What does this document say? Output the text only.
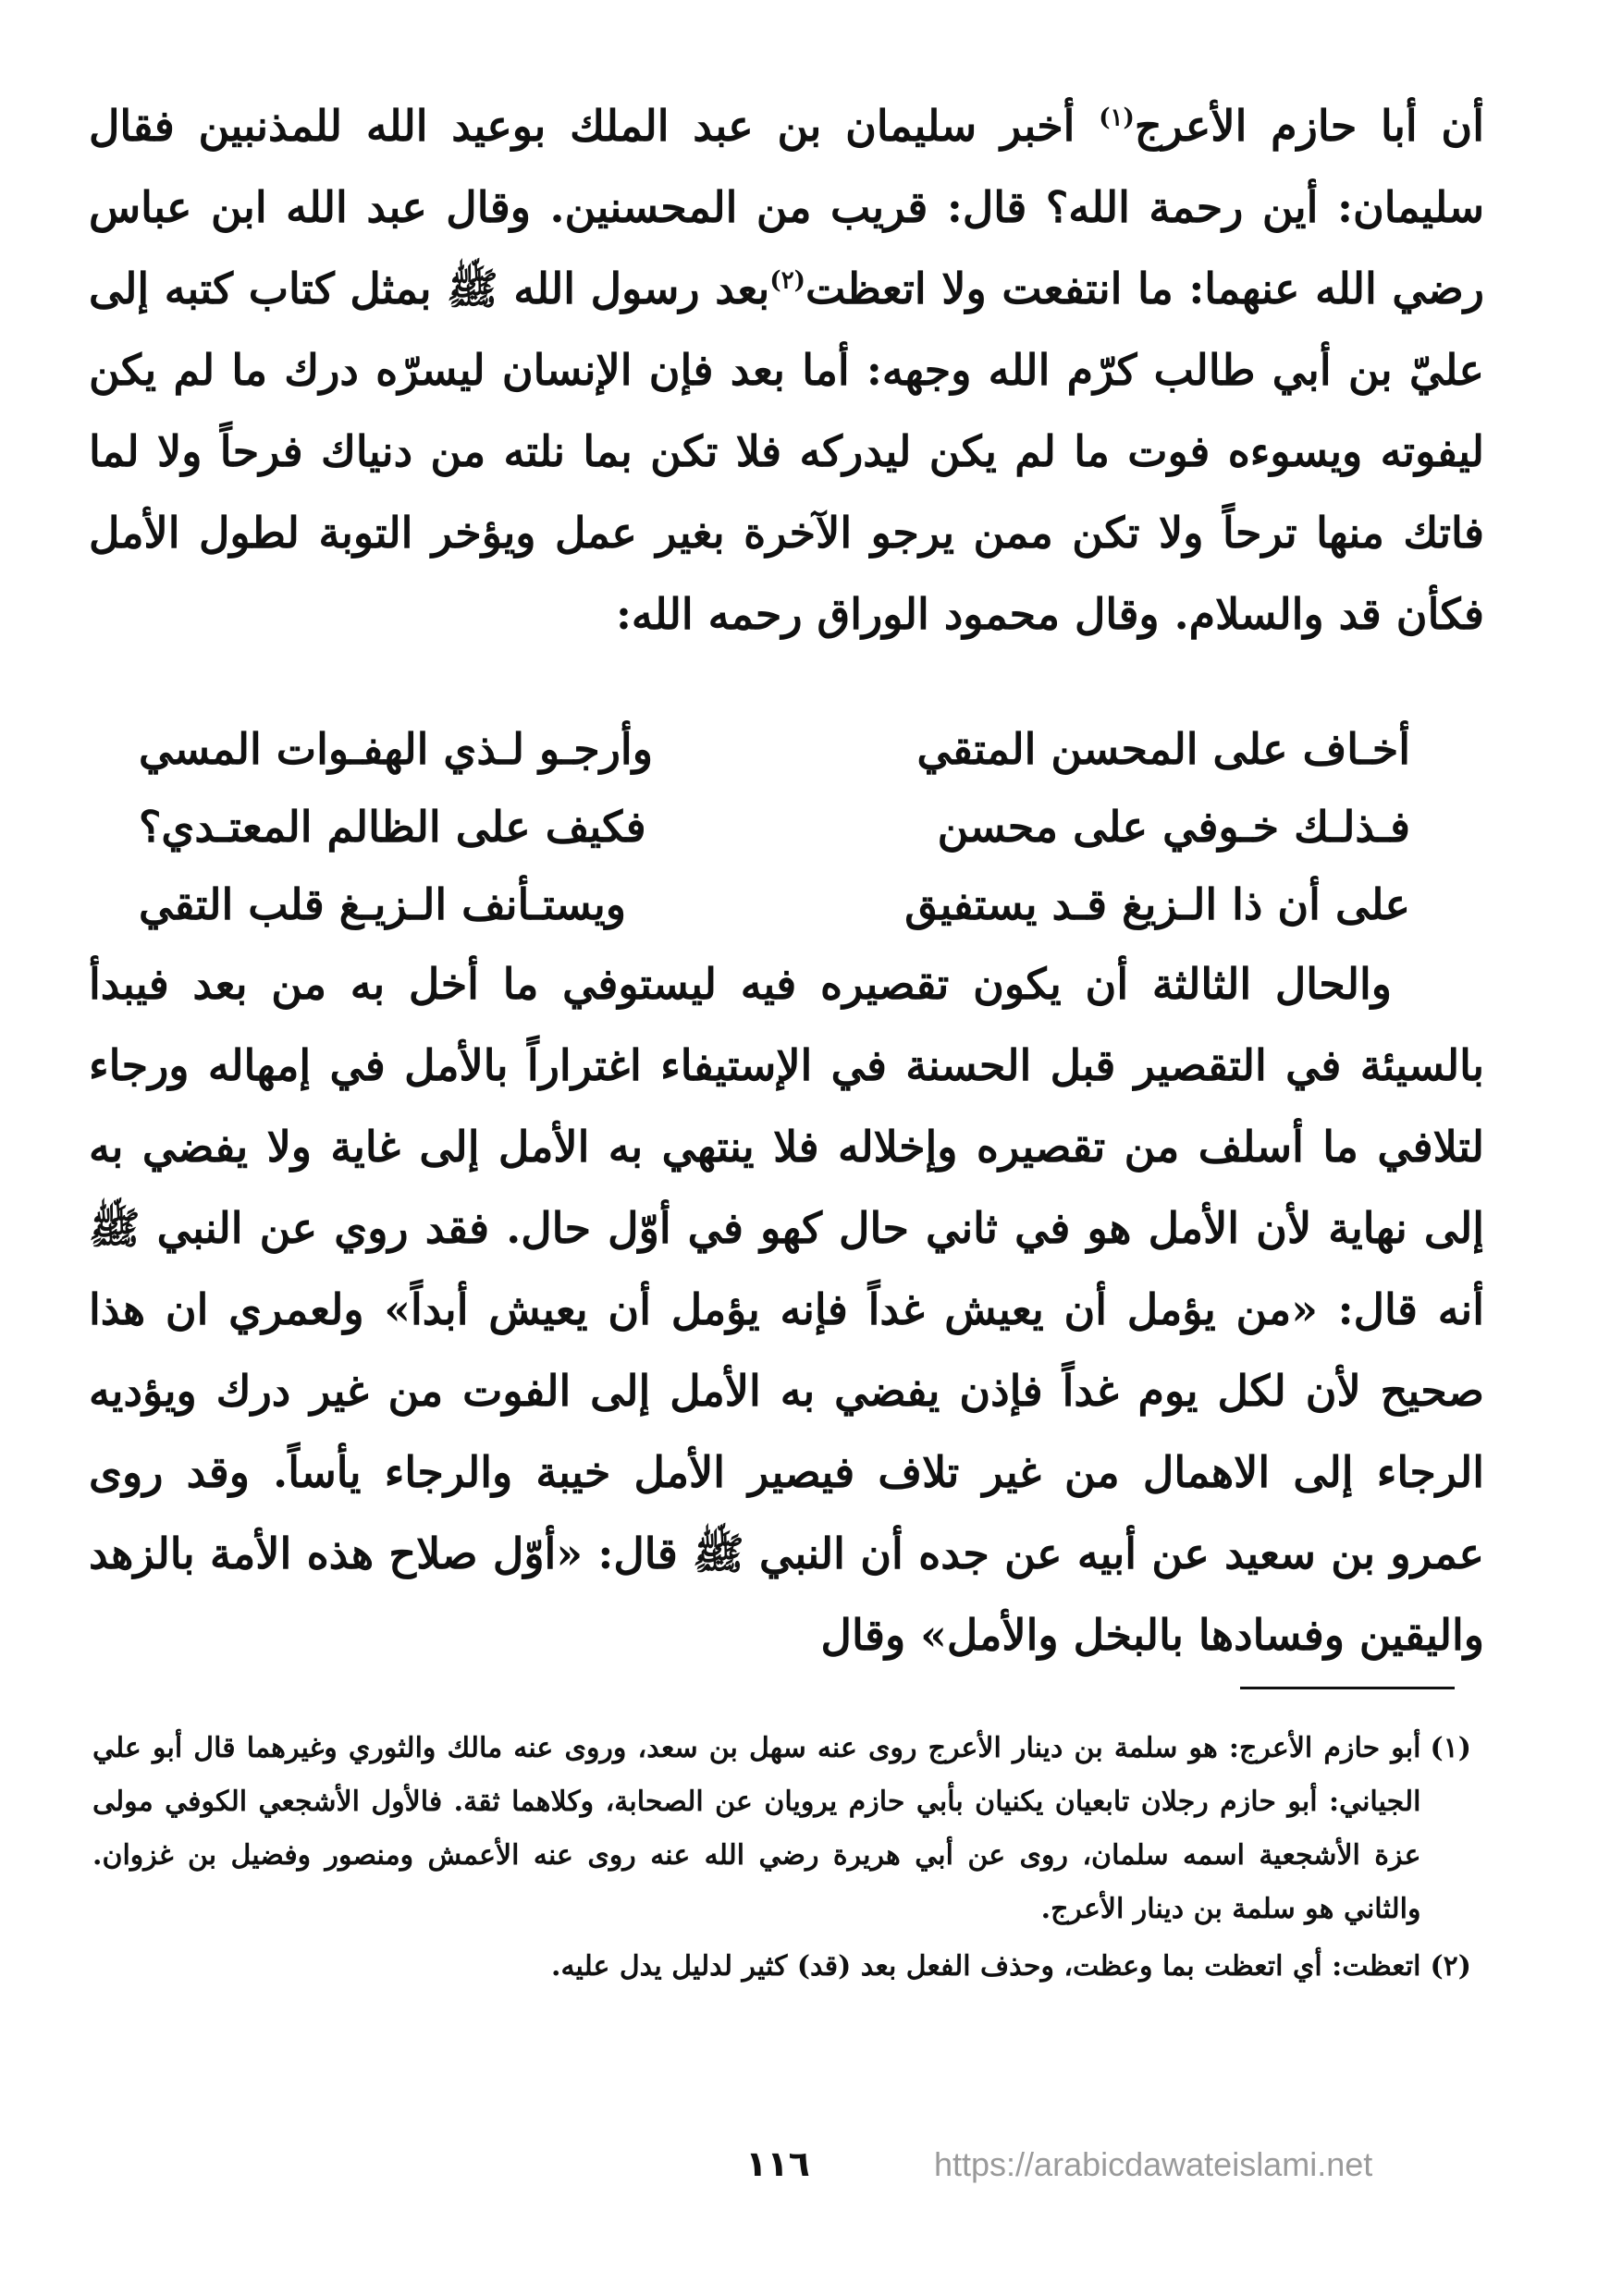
أن أبا حازم الأعرج$^{(١)}$ أخبر سليمان بن عبد الملك بوعيد الله للمذنبين فقال سليمان: أين رحمة الله؟ قال: قريب من المحسنين. وقال عبد الله ابن عباس رضي الله عنهما: ما انتفعت ولا اتعظت$^{(٢)}$بعد رسول الله ﷺ بمثل كتاب كتبه إلى عليّ بن أبي طالب كرّم الله وجهه: أما بعد فإن الإنسان ليسرّه درك ما لم يكن ليفوته ويسوءه فوت ما لم يكن ليدركه فلا تكن بما نلته من دنياك فرحاً ولا لما فاتك منها ترحاً ولا تكن ممن يرجو الآخرة بغير عمل ويؤخر التوبة لطول الأمل فكأن قد والسلام. وقال محمود الوراق رحمه الله:

أخـاف على المحسن المتقي
وأرجـو لـذي الهفـوات المسي
فـذلـك خـوفي على محسن
فكيف على الظالم المعتـدي؟
على أن ذا الـزيغ قـد يستفيق
ويستـأنف الـزيـغ قلب التقي

والحال الثالثة أن يكون تقصيره فيه ليستوفي ما أخل به من بعد فيبدأ بالسيئة في التقصير قبل الحسنة في الإستيفاء اغتراراً بالأمل في إمهاله ورجاء لتلافي ما أسلف من تقصيره وإخلاله فلا ينتهي به الأمل إلى غاية ولا يفضي به إلى نهاية لأن الأمل هو في ثاني حال كهو في أوّل حال. فقد روي عن النبي ﷺ أنه قال: «من يؤمل أن يعيش غداً فإنه يؤمل أن يعيش أبداً» ولعمري ان هذا صحيح لأن لكل يوم غداً فإذن يفضي به الأمل إلى الفوت من غير درك ويؤديه الرجاء إلى الاهمال من غير تلاف فيصير الأمل خيبة والرجاء يأساً. وقد روى عمرو بن سعيد عن أبيه عن جده أن النبي ﷺ قال: «أوّل صلاح هذه الأمة بالزهد واليقين وفسادها بالبخل والأمل» وقال

(١)
أبو حازم الأعرج: هو سلمة بن دينار الأعرج روى عنه سهل بن سعد، وروى عنه مالك والثوري وغيرهما قال أبو علي الجياني: أبو حازم رجلان تابعيان يكنيان بأبي حازم يرويان عن الصحابة، وكلاهما ثقة. فالأول الأشجعي الكوفي مولى عزة الأشجعية اسمه سلمان، روى عن أبي هريرة رضي الله عنه روى عنه الأعمش ومنصور وفضيل بن غزوان. والثاني هو سلمة بن دينار الأعرج.
(٢)
اتعظت: أي اتعظت بما وعظت، وحذف الفعل بعد (قد) كثير لدليل يدل عليه.
١١٦	https://arabicdawateislami.net
